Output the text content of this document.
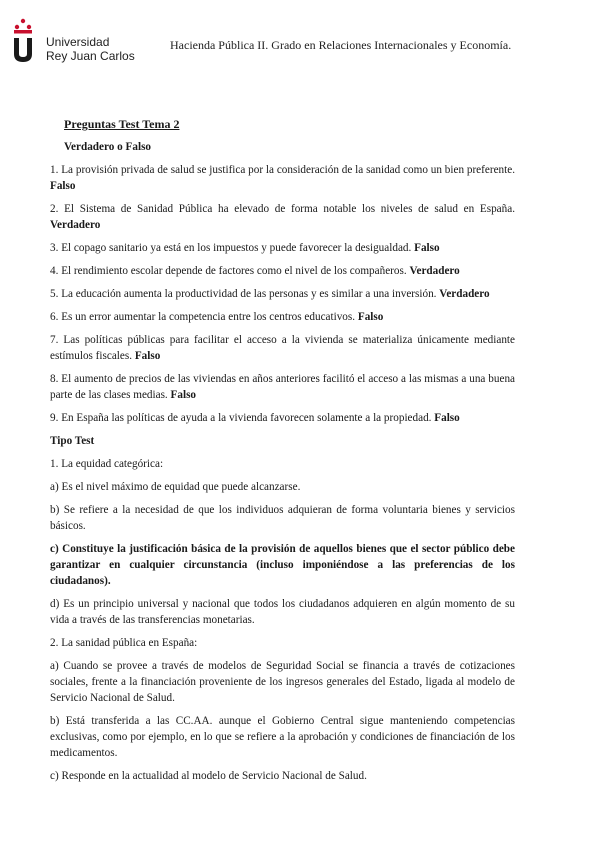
Universidad
Rey Juan Carlos
Hacienda Pública II. Grado en Relaciones Internacionales y Economía.

Preguntas Test Tema 2

Verdadero o Falso

1. La provisión privada de salud se justifica por la consideración de la sanidad como un bien preferente. Falso

2. El Sistema de Sanidad Pública ha elevado de forma notable los niveles de salud en España. Verdadero

3. El copago sanitario ya está en los impuestos y puede favorecer la desigualdad. Falso

4. El rendimiento escolar depende de factores como el nivel de los compañeros. Verdadero

5. La educación aumenta la productividad de las personas y es similar a una inversión. Verdadero

6. Es un error aumentar la competencia entre los centros educativos. Falso

7. Las políticas públicas para facilitar el acceso a la vivienda se materializa únicamente mediante estímulos fiscales. Falso

8. El aumento de precios de las viviendas en años anteriores facilitó el acceso a las mismas a una buena parte de las clases medias. Falso

9. En España las políticas de ayuda a la vivienda favorecen solamente a la propiedad. Falso

Tipo Test

1. La equidad categórica:

a) Es el nivel máximo de equidad que puede alcanzarse.

b) Se refiere a la necesidad de que los individuos adquieran de forma voluntaria bienes y servicios básicos.

c) Constituye la justificación básica de la provisión de aquellos bienes que el sector público debe garantizar en cualquier circunstancia (incluso imponiéndose a las preferencias de los ciudadanos).

d) Es un principio universal y nacional que todos los ciudadanos adquieren en algún momento de su vida a través de las transferencias monetarias.

2. La sanidad pública en España:

a) Cuando se provee a través de modelos de Seguridad Social se financia a través de cotizaciones sociales, frente a la financiación proveniente de los ingresos generales del Estado, ligada al modelo de Servicio Nacional de Salud.

b) Está transferida a las CC.AA. aunque el Gobierno Central sigue manteniendo competencias exclusivas, como por ejemplo, en lo que se refiere a la aprobación y condiciones de financiación de los medicamentos.

c) Responde en la actualidad al modelo de Servicio Nacional de Salud.
